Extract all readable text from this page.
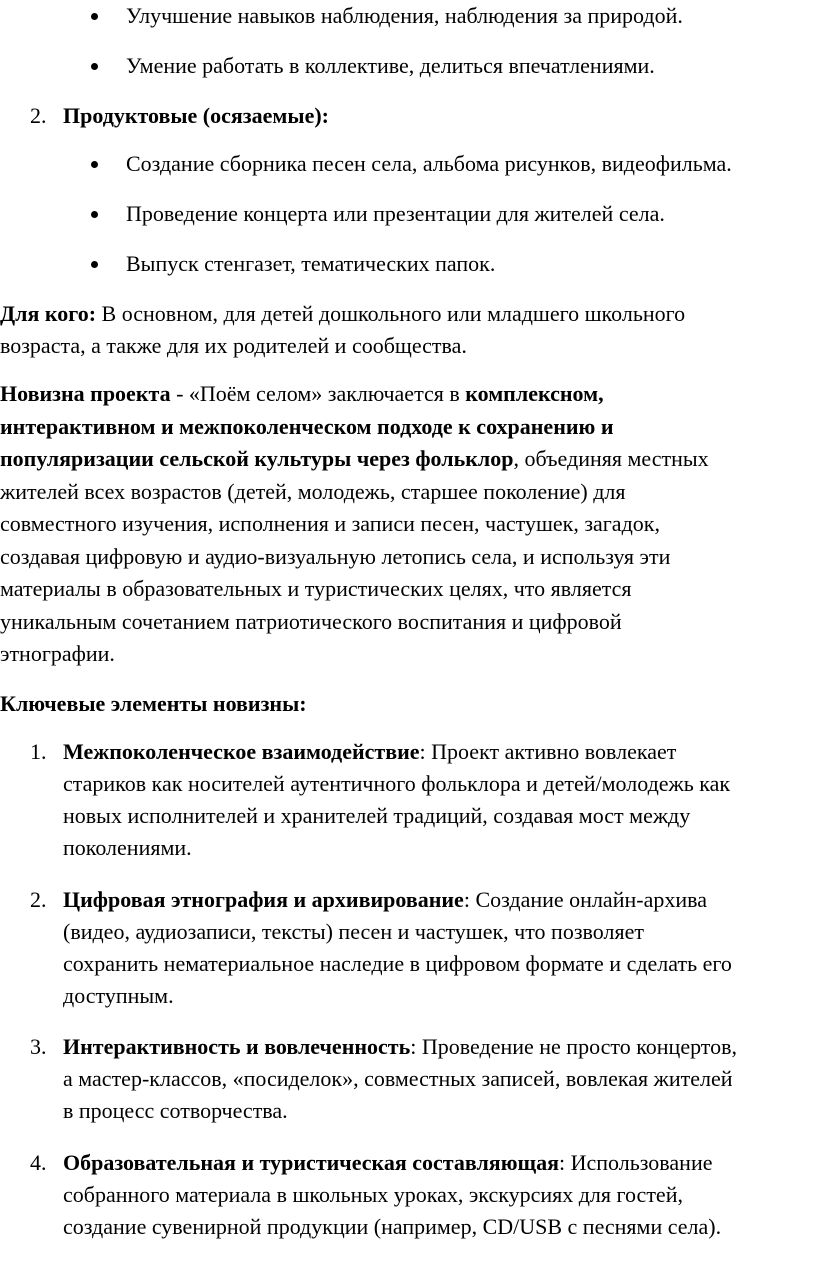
Улучшение навыков наблюдения, наблюдения за природой.
Умение работать в коллективе, делиться впечатлениями.
2. Продуктовые (осязаемые):
Создание сборника песен села, альбома рисунков, видеофильма.
Проведение концерта или презентации для жителей села.
Выпуск стенгазет, тематических папок.
Для кого: В основном, для детей дошкольного или младшего школьного
возраста, а также для их родителей и сообщества.
Новизна проекта - «Поём селом» заключается в комплексном,
интерактивном и межпоколенческом подходе к сохранению и
популяризации сельской культуры через фольклор, объединяя местных
жителей всех возрастов (детей, молодежь, старшее поколение) для
совместного изучения, исполнения и записи песен, частушек, загадок,
создавая цифровую и аудио-визуальную летопись села, и используя эти
материалы в образовательных и туристических целях, что является
уникальным сочетанием патриотического воспитания и цифровой
этнографии.
Ключевые элементы новизны:
1. Межпоколенческое взаимодействие: Проект активно вовлекает
стариков как носителей аутентичного фольклора и детей/молодежь как
новых исполнителей и хранителей традиций, создавая мост между
поколениями.
2. Цифровая этнография и архивирование: Создание онлайн-архива
(видео, аудиозаписи, тексты) песен и частушек, что позволяет
сохранить нематериальное наследие в цифровом формате и сделать его
доступным.
3. Интерактивность и вовлеченность: Проведение не просто концертов,
а мастер-классов, «посиделок», совместных записей, вовлекая жителей
в процесс сотворчества.
4. Образовательная и туристическая составляющая: Использование
собранного материала в школьных уроках, экскурсиях для гостей,
создание сувенирной продукции (например, CD/USB с песнями села).
